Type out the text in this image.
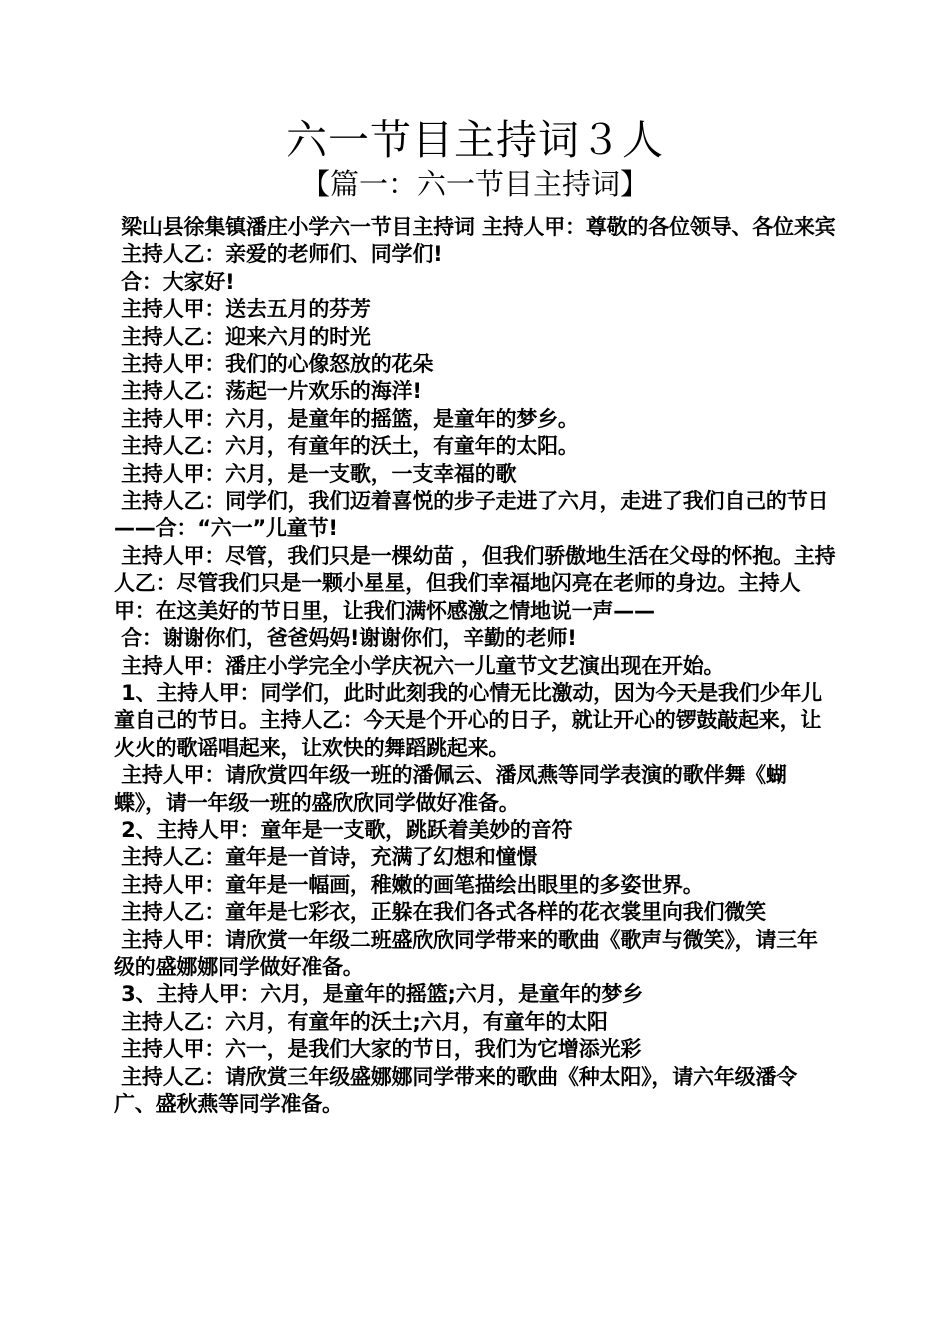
六一节目主持词３人
【篇一：六一节目主持词】

梁山县徐集镇潘庄小学六一节目主持词 主持人甲：尊敬的各位领导、各位来宾

主持人乙：亲爱的老师们、同学们!

合：大家好!

主持人甲：送去五月的芬芳

主持人乙：迎来六月的时光

主持人甲：我们的心像怒放的花朵

主持人乙：荡起一片欢乐的海洋!

主持人甲：六月，是童年的摇篮，是童年的梦乡。

主持人乙：六月，有童年的沃土，有童年的太阳。

主持人甲：六月，是一支歌，一支幸福的歌

主持人乙：同学们，我们迈着喜悦的步子走进了六月，走进了我们自己的节日——合：“六一”儿童节!

主持人甲：尽管，我们只是一棵幼苗 ，但我们骄傲地生活在父母的怀抱。主持人乙：尽管我们只是一颗小星星，但我们幸福地闪亮在老师的身边。主持人甲：在这美好的节日里，让我们满怀感激之情地说一声——

合：谢谢你们，爸爸妈妈!谢谢你们，辛勤的老师!

主持人甲：潘庄小学完全小学庆祝六一儿童节文艺演出现在开始。

1、主持人甲：同学们，此时此刻我的心情无比激动，因为今天是我们少年儿童自己的节日。主持人乙：今天是个开心的日子，就让开心的锣鼓敲起来，让火火的歌谣唱起来，让欢快的舞蹈跳起来。

主持人甲：请欣赏四年级一班的潘佩云、潘凤燕等同学表演的歌伴舞《蝴蝶》，请一年级一班的盛欣欣同学做好准备。

2、主持人甲：童年是一支歌，跳跃着美妙的音符

主持人乙：童年是一首诗，充满了幻想和憧憬

主持人甲：童年是一幅画，稚嫩的画笔描绘出眼里的多姿世界。

主持人乙：童年是七彩衣，正躲在我们各式各样的花衣裳里向我们微笑

主持人甲：请欣赏一年级二班盛欣欣同学带来的歌曲《歌声与微笑》，请三年级的盛娜娜同学做好准备。

3、主持人甲：六月，是童年的摇篮;六月，是童年的梦乡

主持人乙：六月，有童年的沃土;六月，有童年的太阳

主持人甲：六一，是我们大家的节日，我们为它增添光彩

主持人乙：请欣赏三年级盛娜娜同学带来的歌曲《种太阳》，请六年级潘令广、盛秋燕等同学准备。
